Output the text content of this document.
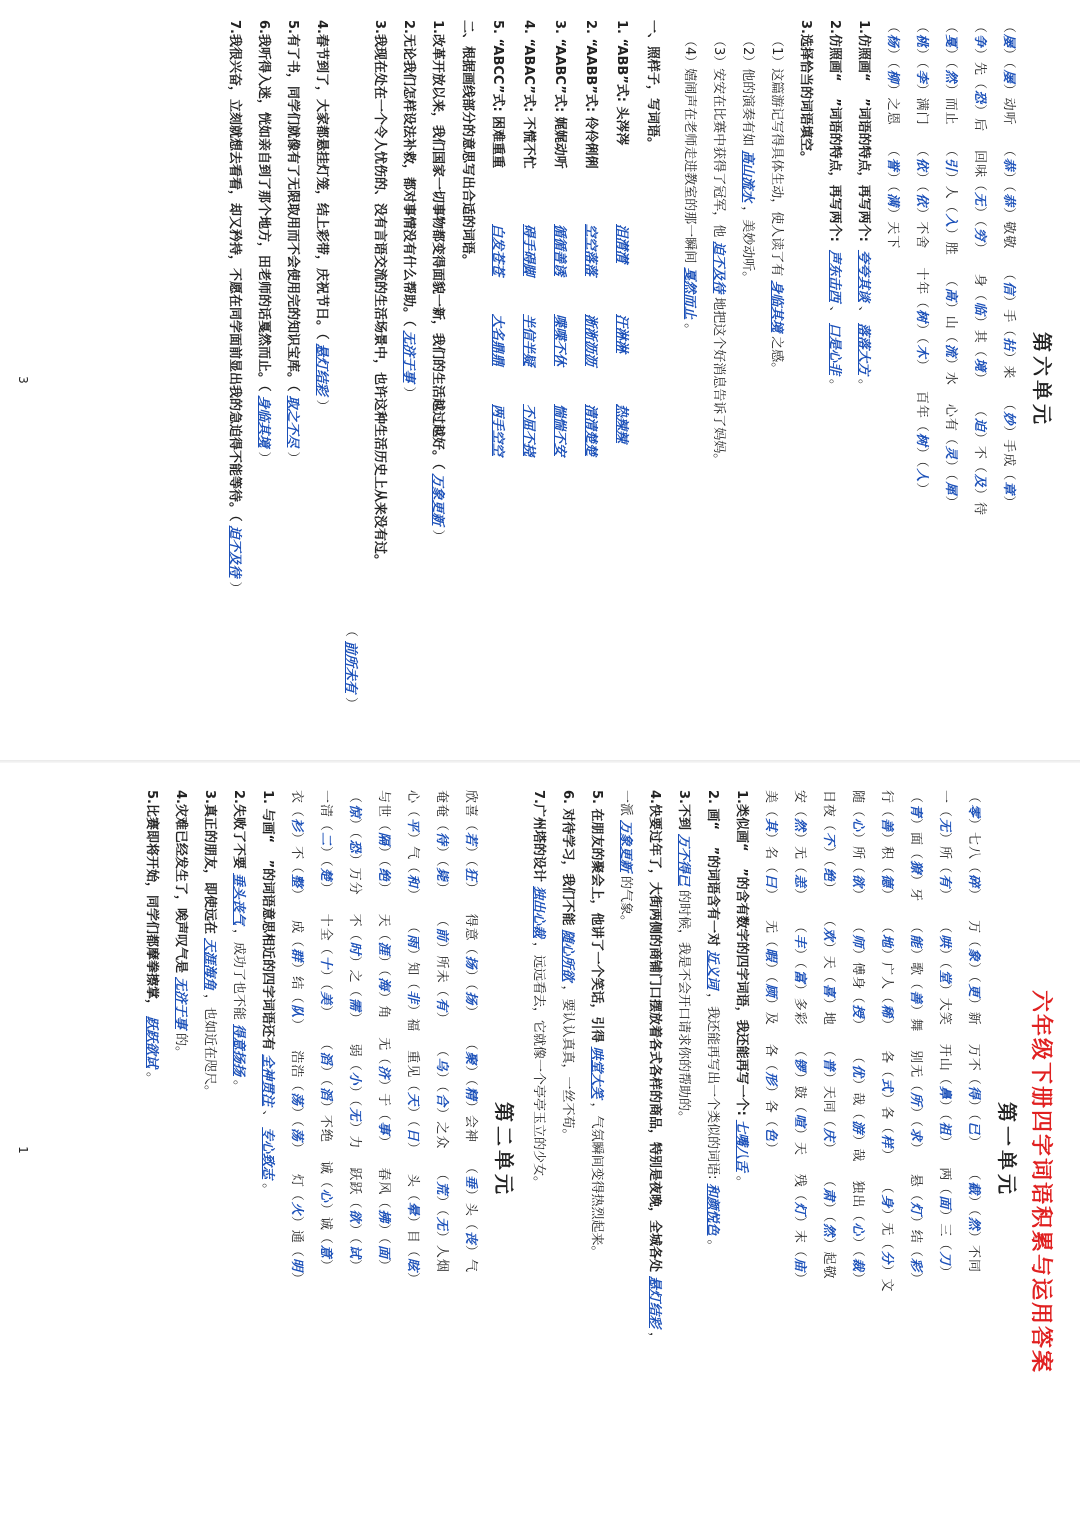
第六单元
（屡）（屡）动听（恭）（恭）敬敬（信）手（拈）来（妙）手成（章）
（争）先（恐）后回味（无）（穷）身（临）其（境）（迫）不（及）待
（戛）（然）而止（引）人（入）胜（高）山（流）水心有（灵）（犀）
（桃）（李）满门（依）（依）不舍十年（树）（木）百年（树）（人）
（杨）（柳）之恩（誉）（满）天下
1.仿照画“    ”词语的特点，再写两个: 夸夸其谈、落落大方。
2.仿照画“    ”词语的特点，再写两个: 声东击西、口是心非。
3.选择恰当的词语填空。
（1）这篇游记写得具体生动，使人读了有身临其境之感。
（2）他的演奏有如高山流水，美妙动听。
（3）安安在比赛中获得了冠军，他迫不及待地把这个好消息告诉了妈妈。
（4）嬉闹声在老师走进教室的那一瞬间戛然而止。
一、照样子，写词语。
1. “ABB”式: 头涔涔
泪潸潸
汗淋淋
热辣辣
2. “AABB”式: 伶伶俐俐
空空落落
淅淅沥沥
清清楚楚
3. “AABC”式: 娓娓动听
循循善诱
喋喋不休
惴惴不安
4. “ABAC”式: 不慌不忙
碍手碍脚
半信半疑
不屈不挠
5. “ABCC”式: 困难重重
白发苍苍
大名鼎鼎
两手空空
二、根据画线部分的意思写出合适的词语。
1.改革开放以来，我们国家一切事物都变得面貌一新，我们的生活越过越好。（万象更新）
2.无论我们怎样设法补救，都对事情没有什么帮助。（无济于事）
3.我现在处在一个令人忧伤的、没有言语交流的生活场景中，也许这种生活历史上从来没有过。
（前所未有）
4.春节到了，大家都悬挂灯笼，结上彩带，庆祝节日。（悬灯结彩）
5.有了书，同学们就像有了无限取用而不会使用完的知识宝库。（取之不尽）
6.我听得入迷，恍如亲自到了那个地方，田老师的话戛然而止。（身临其境）
7.我很兴奋，立刻就想去看看，却又矜持，不愿在同学面前显出我的急迫得不能等待。（迫不及待）
3
六年级下册四字词语积累与运用答案
第一单元
（零）七八（碎）万（象）（更）新万不（得）（已）（截）（然）不同
一（无）所（有）（哄）（堂）大笑开山（鼻）（祖）两（面）三（刀）
（青）面（獠）牙（能）歌（善）舞别无（所）（求）悬（灯）结（彩）
行（善）积（德）（地）广人（稀）各（式）各（样）（身）无（分）文
随（心）所（欲）（师）傅身（授）（优）哉（游）哉独出（心）（裁）
日夜（不）（绝）（欢）天（喜）地（普）天同（庆）（肃）（然）起敬
安（然）无（恙）（丰）（富）多彩（锣）鼓（喧）天残（灯）末（庙）
美（其）名（曰）无（暇）（顾）及各（形）各（色）
1.类似画“    ”的含有数字的四字词语，我还能再写一个:七嘴八舌。
2. 画“    ”的词语含有一对近义词，我还能再写出一个类似的词语:和颜悦色。
3.不到万不得已的时候，我是不会开口请求你的帮助的。
4.快要过年了，大街两侧的商铺门口摆放着各式各样的商品，特别是夜晚，全城各处悬灯结彩，
一派万象更新的气象。
5. 在朋友的聚会上，他讲了一个笑话，引得哄堂大笑，气氛瞬间变得热烈起来。
6. 对待学习，我们不能随心所欲，要认认真真，一丝不苟。
7.广州塔的设计独出心裁，远远看去，它就像一个亭亭玉立的少女。
第二单元
欣喜（若）（狂）得意（扬）（扬）（聚）（精）会神（垂）头（丧）气
奄奄（待）（毙）（前）所未（有）（乌）（合）之众（荒）（无）人烟
心（平）气（和）（雨）知（非）福重见（天）（日）头（晕）目（眩）
与世（隔）（绝）天（涯）（海）角无（济）于（事）春风（拂）（面）
（惊）（恐）万分不（时）之（需）弱（小）（无）力跃跃（欲）（试）
一清（二）（楚）十全（十）（美）（滔）（滔）不绝诚（心）诚（意）
衣（衫）不（整）成（群）结（队）浩浩（荡）（荡）灯（火）通（明）
1. 与画“    ”的词语意思相近的四字词语还有全神贯注、专心致志。
2.失败了不要垂头丧气，成功了也不能得意扬扬。
3.真正的朋友，即使远在天涯海角，也如近在咫尺。
4.灾难已经发生了，唉声叹气是无济于事的。
5.比赛即将开始，同学们都摩拳擦掌，跃跃欲试。
1
